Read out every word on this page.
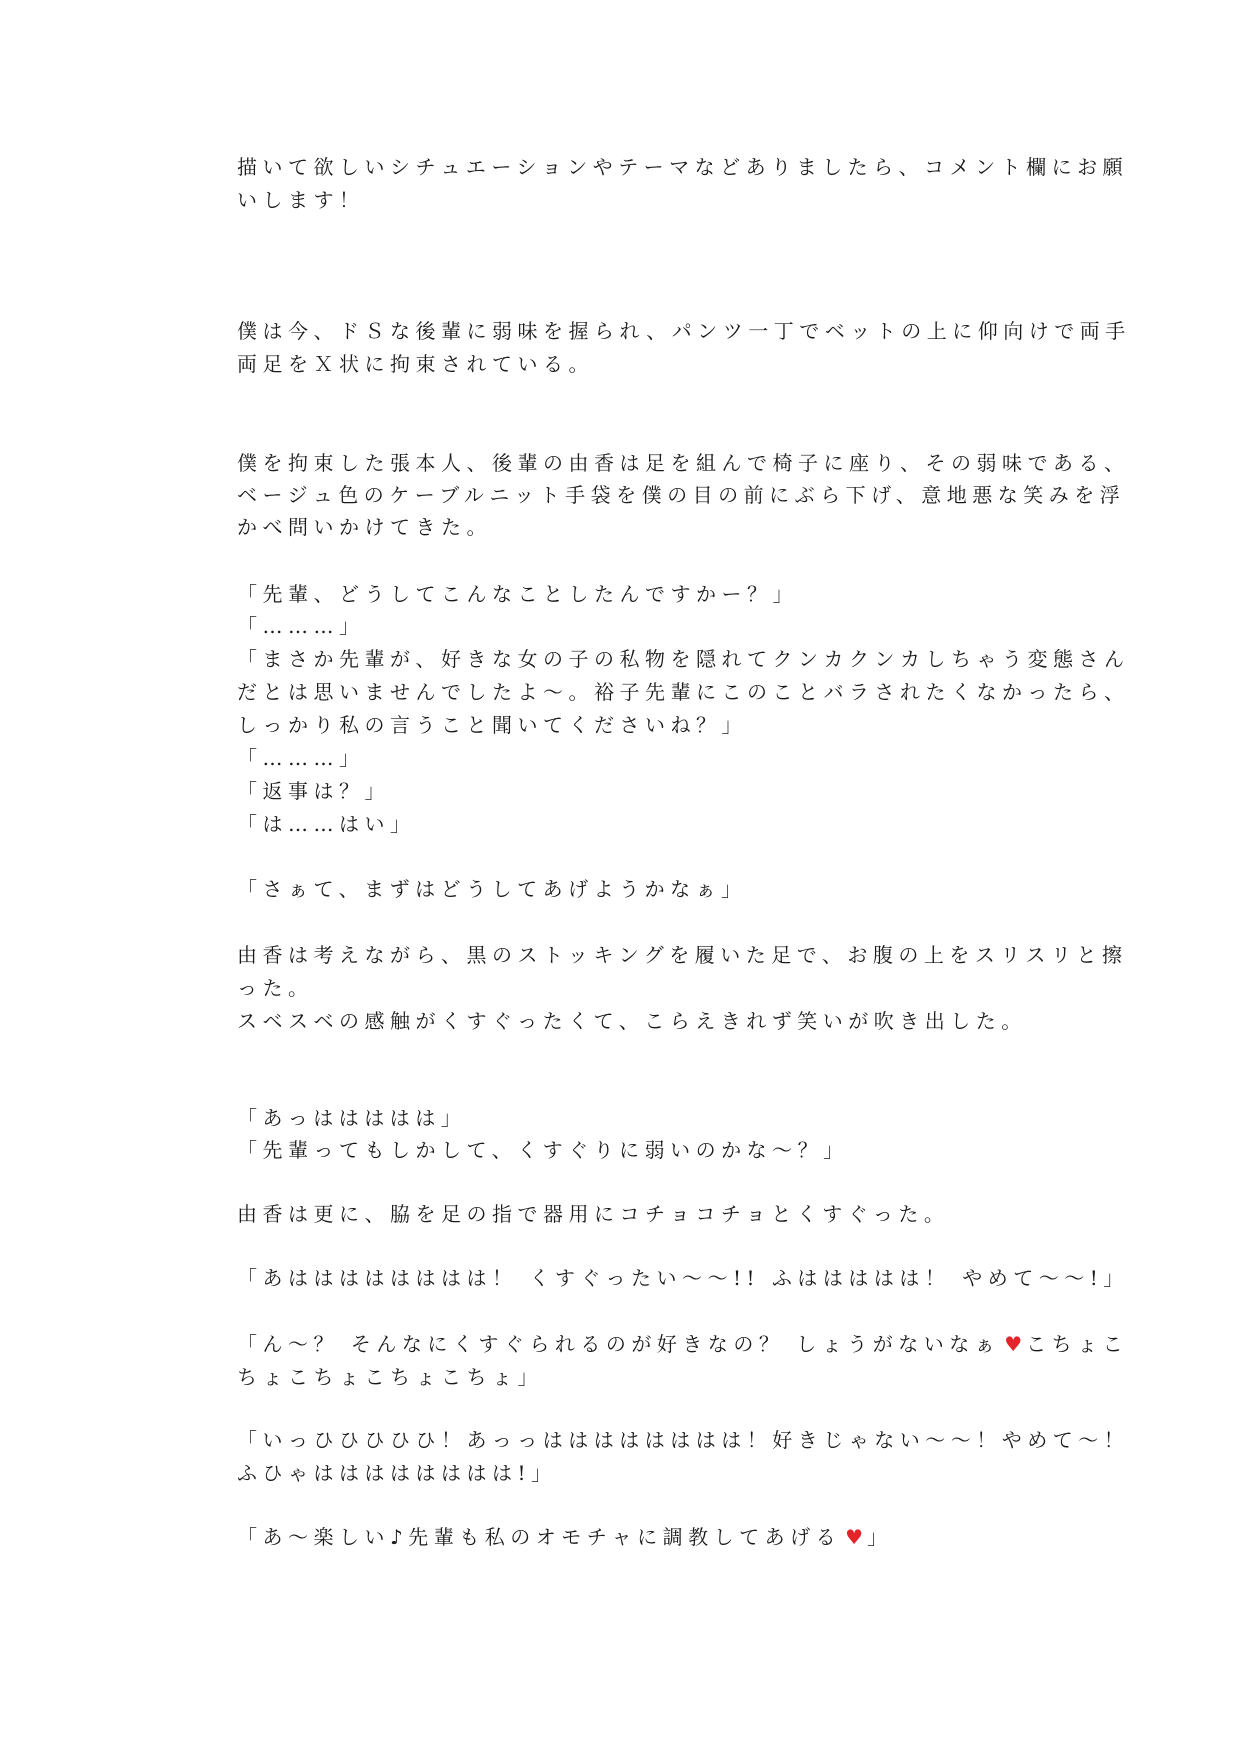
描いて欲しいシチュエーションやテーマなどありましたら、コメント欄にお願
いします！
僕は今、ドＳな後輩に弱味を握られ、パンツ一丁でベットの上に仰向けで両手
両足をＸ状に拘束されている。
僕を拘束した張本人、後輩の由香は足を組んで椅子に座り、その弱味である、
ベージュ色のケーブルニット手袋を僕の目の前にぶら下げ、意地悪な笑みを浮
かべ問いかけてきた。
「先輩、どうしてこんなことしたんですかー？」
「………」
「まさか先輩が、好きな女の子の私物を隠れてクンカクンカしちゃう変態さん
だとは思いませんでしたよ～。裕子先輩にこのことバラされたくなかったら、
しっかり私の言うこと聞いてくださいね？」
「………」
「返事は？」
「は……はい」
「さぁて、まずはどうしてあげようかなぁ」
由香は考えながら、黒のストッキングを履いた足で、お腹の上をスリスリと擦
った。
スベスベの感触がくすぐったくて、こらえきれず笑いが吹き出した。
「あっははははは」
「先輩ってもしかして、くすぐりに弱いのかな～？」
由香は更に、脇を足の指で器用にコチョコチョとくすぐった。
「あはははははははは！ くすぐったい～～!! ふははははは！ やめて～～!」
「ん～？ そんなにくすぐられるのが好きなの？ しょうがないなぁ ♥ こちょこ
ちょこちょこちょこちょ」
「いっひひひひひ！あっっはははははははは！好きじゃない～～！やめて～！
ふひゃはははははははは!」
「あ～楽しい♪先輩も私のオモチャに調教してあげる ♥ 」
